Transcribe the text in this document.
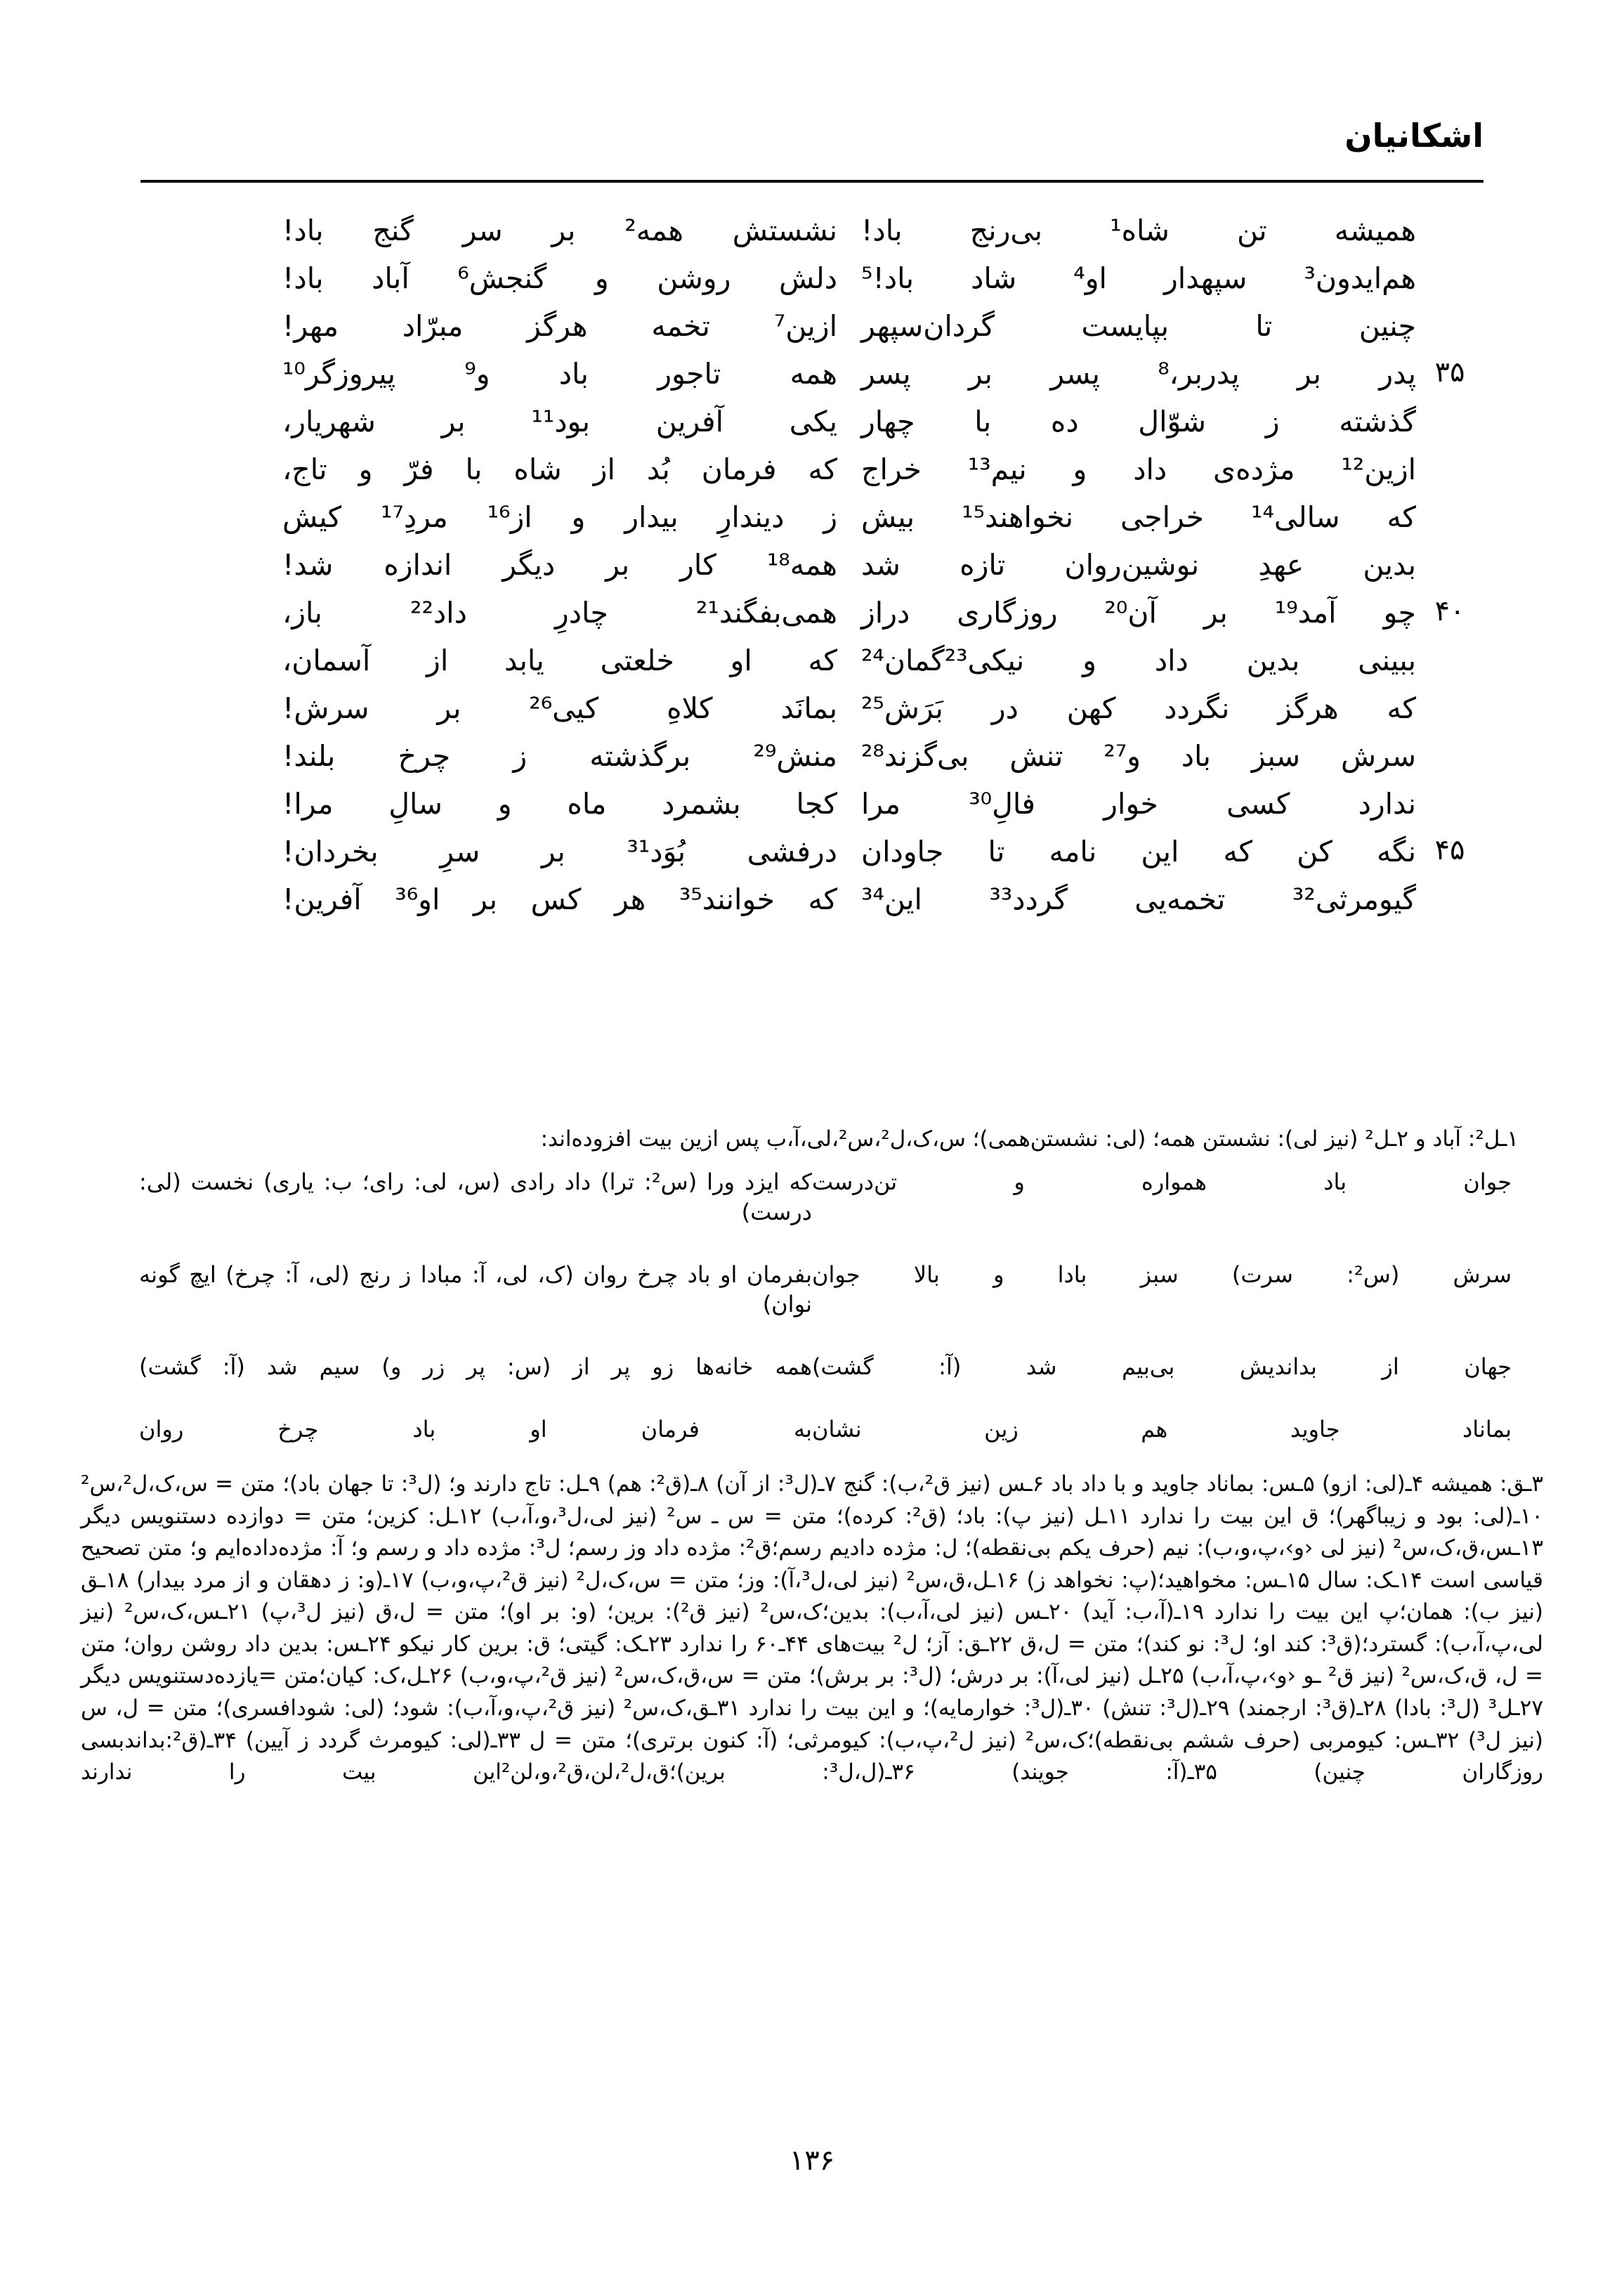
اشکانیان
همیشه تن شاه¹ بی‌رنج باد!
نشستش همه² بر سر گنج باد!
هم‌ایدون³ سپهدار او⁴ شاد باد!⁵
دلش روشن و گنجش⁶ آباد باد!
چنین تا بپایست گردان‌سپهر
ازین⁷ تخمه هرگز مبرّاد مهر!
۳۵
پدر بر پدربر،⁸ پسر بر پسر
همه تاجور باد و⁹ پیروزگر¹⁰
گذشته ز شوّال ده با چهار
یکی آفرین بود¹¹ بر شهریار،
ازین¹² مژده‌ی داد و نیم¹³ خراج
که فرمان بُد از شاه با فرّ و تاج،
که سالی¹⁴ خراجی نخواهند¹⁵ بیش
ز دیندارِ بیدار و از¹⁶ مردِ¹⁷ کیش
بدین عهدِ نوشین‌روان تازه شد
همه¹⁸ کار بر دیگر اندازه شد!
۴۰
چو آمد¹⁹ بر آن²⁰ روزگاری دراز
همی‌بفگند²¹ چادرِ داد²² باز،
ببینی بدین داد و نیکی²³گمان²⁴
که او خلعتی یابد از آسمان،
که هرگز نگردد کهن در بَرَش²⁵
بمانَد کلاهِ کیی²⁶ بر سرش!
سرش سبز باد و²⁷ تنش بی‌گزند²⁸
منش²⁹ برگذشته ز چرخ بلند!
ندارد کسی خوار فالِ³⁰ مرا
کجا بشمرد ماه و سالِ مرا!
۴۵
نگه کن که این نامه تا جاودان
درفشی بُوَد³¹ بر سرِ بخردان!
گیومرثی³² تخمه‌یی گردد³³ این³⁴
که خوانند³⁵ هر کس بر او³⁶ آفرین!
۱ـل²: آباد و ۲ـل² (نیز لی): نشستن همه؛ (لی: نشستن‌همی)؛ س،ک،ل²،س²،لی،آ،ب پس ازین بیت افزوده‌اند:
جوان باد همواره و تن‌درست
که ایزد ورا (س²: ترا) داد رادی (س، لی: رای؛ ب: یاری) نخست (لی: درست)
سرش (س²: سرت) سبز بادا و بالا جوان
بفرمان او باد چرخ روان (ک، لی، آ: مبادا ز رنج (لی، آ: چرخ) ایچ گونه نوان)
جهان از بداندیش بی‌بیم شد (آ: گشت)
همه خانه‌ها زو پر از (س: پر زر و) سیم شد (آ: گشت)
بماناد جاوید هم زین نشان
به فرمان او باد چرخ روان
۳ـق: همیشه ۴ـ(لی: ازو) ۵ـس: بماناد جاوید و با داد باد ۶ـس (نیز ق²،ب): گنج ۷ـ(ل³: از آن) ۸ـ(ق²: هم) ۹ـل: تاج دارند و؛ (ل³: تا جهان باد)؛ متن = س،ک،ل²،س² ۱۰ـ(لی: بود و زیباگهر)؛ ق این بیت را ندارد ۱۱ـل (نیز پ): باد؛ (ق²: کرده)؛ متن = س ـ س² (نیز لی،ل³،و،آ،ب) ۱۲ـل: کزین؛ متن = دوازده دستنویس دیگر ۱۳ـس،ق،ک،س² (نیز لی ‹و›،پ،و،ب): نیم (حرف یکم بی‌نقطه)؛ ل: مژده دادیم رسم؛ق²: مژده داد وز رسم؛ ل³: مژده داد و رسم و؛ آ: مژده‌داده‌ایم و؛ متن تصحیح قیاسی است ۱۴ـک: سال ۱۵ـس: مخواهید؛(پ: نخواهد ز) ۱۶ـل،ق،س² (نیز لی،ل³،آ): وز؛ متن = س،ک،ل² (نیز ق²،پ،و،ب) ۱۷ـ(و: ز دهقان و از مرد بیدار) ۱۸ـق (نیز ب): همان؛پ این بیت را ندارد ۱۹ـ(آ،ب: آید) ۲۰ـس (نیز لی،آ،ب): بدین؛ک،س² (نیز ق²): برین؛ (و: بر او)؛ متن = ل،ق (نیز ل³،پ) ۲۱ـس،ک،س² (نیز لی،پ،آ،ب): گسترد؛(ق³: کند او؛ ل³: نو کند)؛ متن = ل،ق ۲۲ـق: آز؛ ل² بیت‌های ۴۴ـ۶۰ را ندارد ۲۳ـک: گیتی؛ ق: برین کار نیکو ۲۴ـس: بدین داد روشن روان؛ متن = ل، ق،ک،س² (نیز ق² ـو ‹و›،پ،آ،ب) ۲۵ـل (نیز لی،آ): بر درش؛ (ل³: بر برش)؛ متن = س،ق،ک،س² (نیز ق²،پ،و،ب) ۲۶ـل،ک: کیان؛متن =یازده‌دستنویس دیگر ۲۷ـل³ (ل³: بادا) ۲۸ـ(ق³: ارجمند) ۲۹ـ(ل³: تنش) ۳۰ـ(ل³: خوارمایه)؛ و این بیت را ندارد ۳۱ـق،ک،س² (نیز ق²،پ،و،آ،ب): شود؛ (لی: شودافسری)؛ متن = ل، س (نیز ل³) ۳۲ـس: کیومربی (حرف ششم بی‌نقطه)؛ک،س² (نیز ل²،پ،ب): کیومرثی؛ (آ: کنون برتری)؛ متن = ل ۳۳ـ(لی: کیومرث گردد ز آیین) ۳۴ـ(ق²:بداندبسی روزگاران چنین) ۳۵ـ(آ: جویند) ۳۶ـ(ل،ل³: برین)؛ق،ل²،لن،ق²،و،لن²این بیت را ندارند
۱۳۶
